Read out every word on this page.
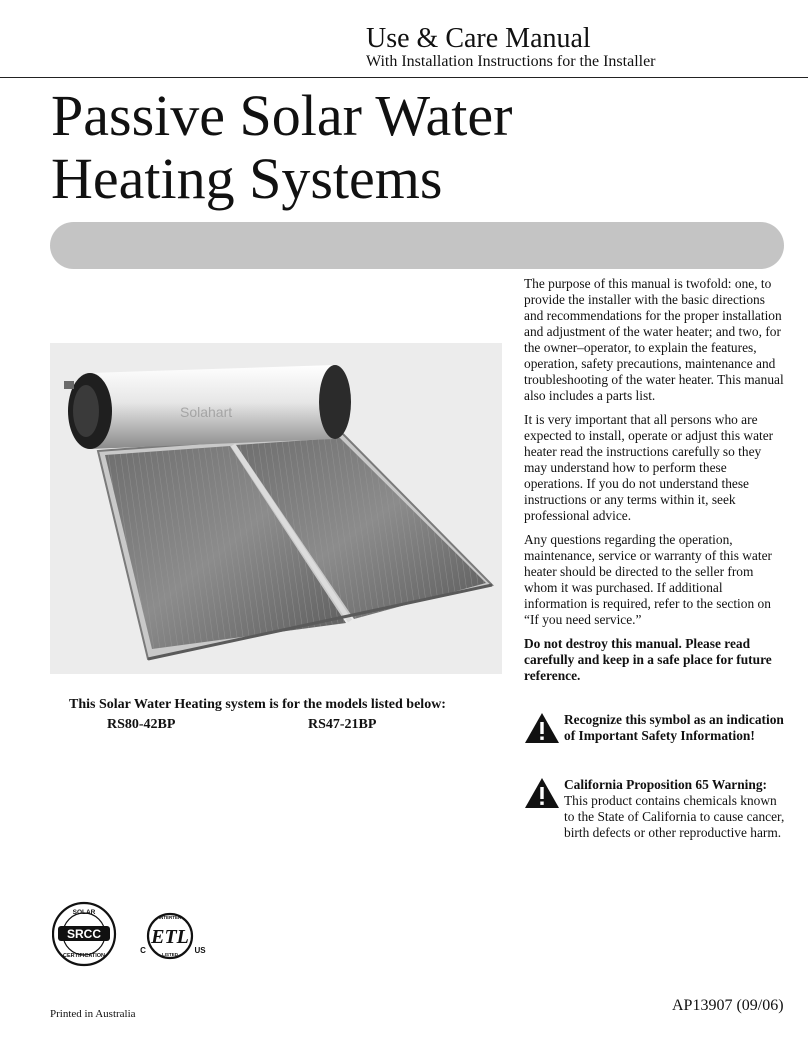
Use & Care Manual
With Installation Instructions for the Installer
Passive Solar Water
Heating Systems
Solahart

The purpose of this manual is twofold: one, to provide the installer with the basic directions and recommendations for the proper installation and adjustment of the water heater; and two, for the owner–operator, to explain the features, operation, safety precautions, maintenance and troubleshooting of the water heater. This manual also includes a parts list.

It is very important that all persons who are expected to install, operate or adjust this water heater read the instructions carefully so they may understand how to perform these operations. If you do not understand these instructions or any terms within it, seek professional advice.

Any questions regarding the operation, maintenance, service or warranty of this water heater should be directed to the seller from whom it was purchased. If additional information is required, refer to the section on “If you need service.”

Do not destroy this manual. Please read carefully and keep in a safe place for future reference.

This Solar Water Heating system is for the models listed below:
RS80-42BP	RS47-21BP	Recognize this symbol as an indication of Important Safety Information!
California Proposition 65 Warning:
This product contains chemicals known to the State of California to cause cancer, birth defects or other reproductive harm.
SOLAR
SRCC
CERTIFICATION
INTERTEK
ETL
LISTED
C	US
Printed in Australia	AP13907 (09/06)
